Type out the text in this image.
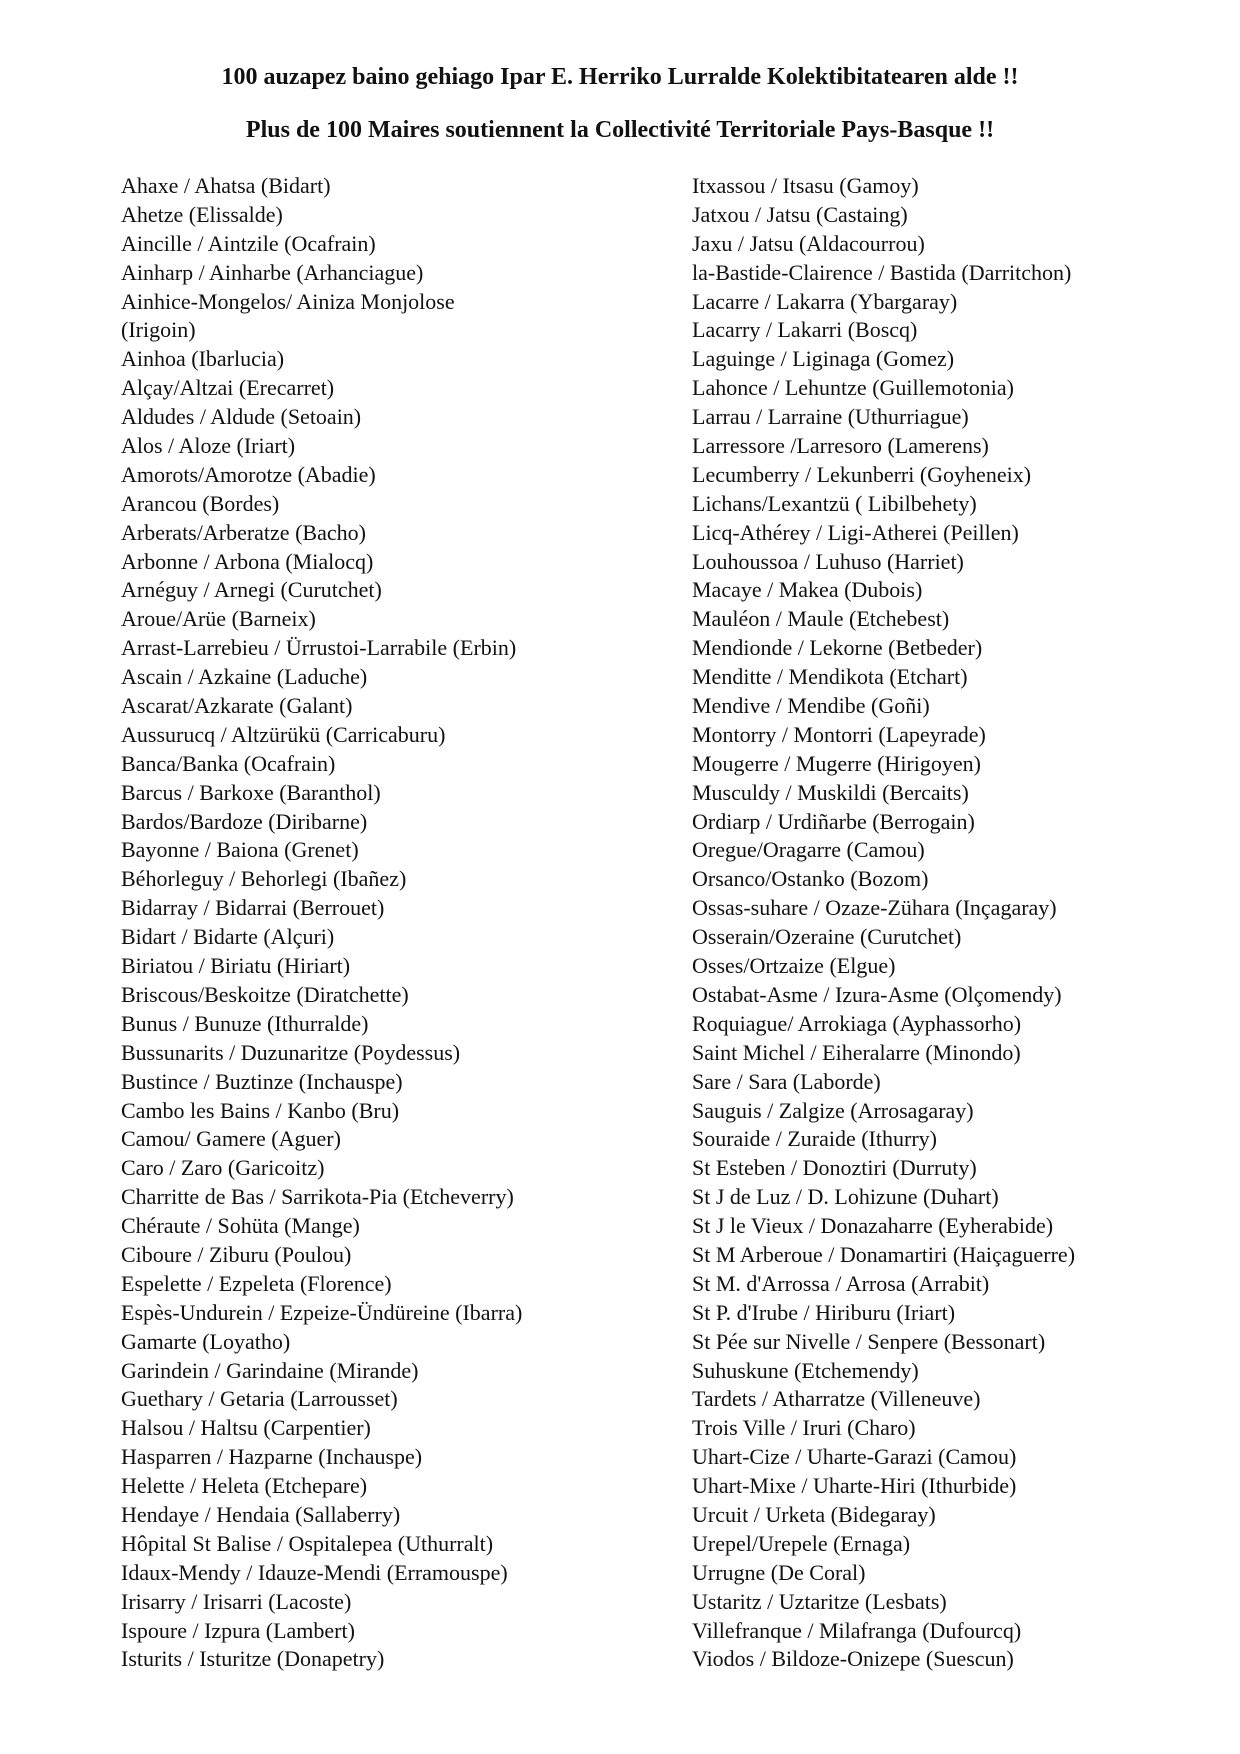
100 auzapez baino gehiago Ipar E. Herriko Lurralde Kolektibitatearen alde !!
Plus de 100 Maires soutiennent la Collectivité Territoriale Pays-Basque !!
Ahaxe / Ahatsa (Bidart)
Ahetze (Elissalde)
Aincille / Aintzile (Ocafrain)
Ainharp / Ainharbe (Arhanciague)
Ainhice-Mongelos/ Ainiza Monjolose
(Irigoin)
Ainhoa (Ibarlucia)
Alçay/Altzai (Erecarret)
Aldudes / Aldude (Setoain)
Alos / Aloze (Iriart)
Amorots/Amorotze (Abadie)
Arancou (Bordes)
Arberats/Arberatze (Bacho)
Arbonne / Arbona (Mialocq)
Arnéguy / Arnegi (Curutchet)
Aroue/Arüe (Barneix)
Arrast-Larrebieu / Ürrustoi-Larrabile (Erbin)
Ascain / Azkaine (Laduche)
Ascarat/Azkarate (Galant)
Aussurucq / Altzürükü (Carricaburu)
Banca/Banka (Ocafrain)
Barcus / Barkoxe (Baranthol)
Bardos/Bardoze (Diribarne)
Bayonne / Baiona (Grenet)
Béhorleguy / Behorlegi (Ibañez)
Bidarray / Bidarrai (Berrouet)
Bidart / Bidarte (Alçuri)
Biriatou / Biriatu (Hiriart)
Briscous/Beskoitze (Diratchette)
Bunus / Bunuze (Ithurralde)
Bussunarits / Duzunaritze (Poydessus)
Bustince / Buztinze (Inchauspe)
Cambo les Bains / Kanbo (Bru)
Camou/ Gamere (Aguer)
Caro / Zaro (Garicoitz)
Charritte de Bas / Sarrikota-Pia (Etcheverry)
Chéraute / Sohüta (Mange)
Ciboure / Ziburu (Poulou)
Espelette / Ezpeleta (Florence)
Espès-Undurein / Ezpeize-Ündüreine (Ibarra)
Gamarte (Loyatho)
Garindein / Garindaine (Mirande)
Guethary / Getaria (Larrousset)
Halsou / Haltsu (Carpentier)
Hasparren / Hazparne (Inchauspe)
Helette / Heleta (Etchepare)
Hendaye / Hendaia (Sallaberry)
Hôpital St Balise / Ospitalepea (Uthurralt)
Idaux-Mendy / Idauze-Mendi (Erramouspe)
Irisarry / Irisarri (Lacoste)
Ispoure / Izpura (Lambert)
Isturits / Isturitze (Donapetry)
Itxassou / Itsasu (Gamoy)
Jatxou / Jatsu (Castaing)
Jaxu / Jatsu (Aldacourrou)
la-Bastide-Clairence / Bastida (Darritchon)
Lacarre / Lakarra (Ybargaray)
Lacarry / Lakarri (Boscq)
Laguinge / Liginaga (Gomez)
Lahonce / Lehuntze (Guillemotonia)
Larrau / Larraine (Uthurriague)
Larressore /Larresoro (Lamerens)
Lecumberry / Lekunberri (Goyheneix)
Lichans/Lexantzü ( Libilbehety)
Licq-Athérey / Ligi-Atherei (Peillen)
Louhoussoa / Luhuso (Harriet)
Macaye / Makea (Dubois)
Mauléon / Maule (Etchebest)
Mendionde / Lekorne (Betbeder)
Menditte / Mendikota (Etchart)
Mendive / Mendibe (Goñi)
Montorry / Montorri (Lapeyrade)
Mougerre / Mugerre (Hirigoyen)
Musculdy / Muskildi (Bercaits)
Ordiarp / Urdiñarbe (Berrogain)
Oregue/Oragarre (Camou)
Orsanco/Ostanko (Bozom)
Ossas-suhare / Ozaze-Zühara (Inçagaray)
Osserain/Ozeraine (Curutchet)
Osses/Ortzaize (Elgue)
Ostabat-Asme / Izura-Asme (Olçomendy)
Roquiague/ Arrokiaga (Ayphassorho)
Saint Michel / Eiheralarre (Minondo)
Sare / Sara (Laborde)
Sauguis / Zalgize (Arrosagaray)
Souraide / Zuraide (Ithurry)
St Esteben / Donoztiri (Durruty)
St J de Luz / D. Lohizune (Duhart)
St J le Vieux / Donazaharre (Eyherabide)
St M Arberoue / Donamartiri (Haiçaguerre)
St M. d'Arrossa / Arrosa (Arrabit)
St P. d'Irube / Hiriburu (Iriart)
St Pée sur Nivelle / Senpere (Bessonart)
Suhuskune (Etchemendy)
Tardets / Atharratze (Villeneuve)
Trois Ville / Iruri (Charo)
Uhart-Cize / Uharte-Garazi (Camou)
Uhart-Mixe / Uharte-Hiri (Ithurbide)
Urcuit / Urketa (Bidegaray)
Urepel/Urepele (Ernaga)
Urrugne (De Coral)
Ustaritz / Uztaritze (Lesbats)
Villefranque / Milafranga (Dufourcq)
Viodos / Bildoze-Onizepe (Suescun)
